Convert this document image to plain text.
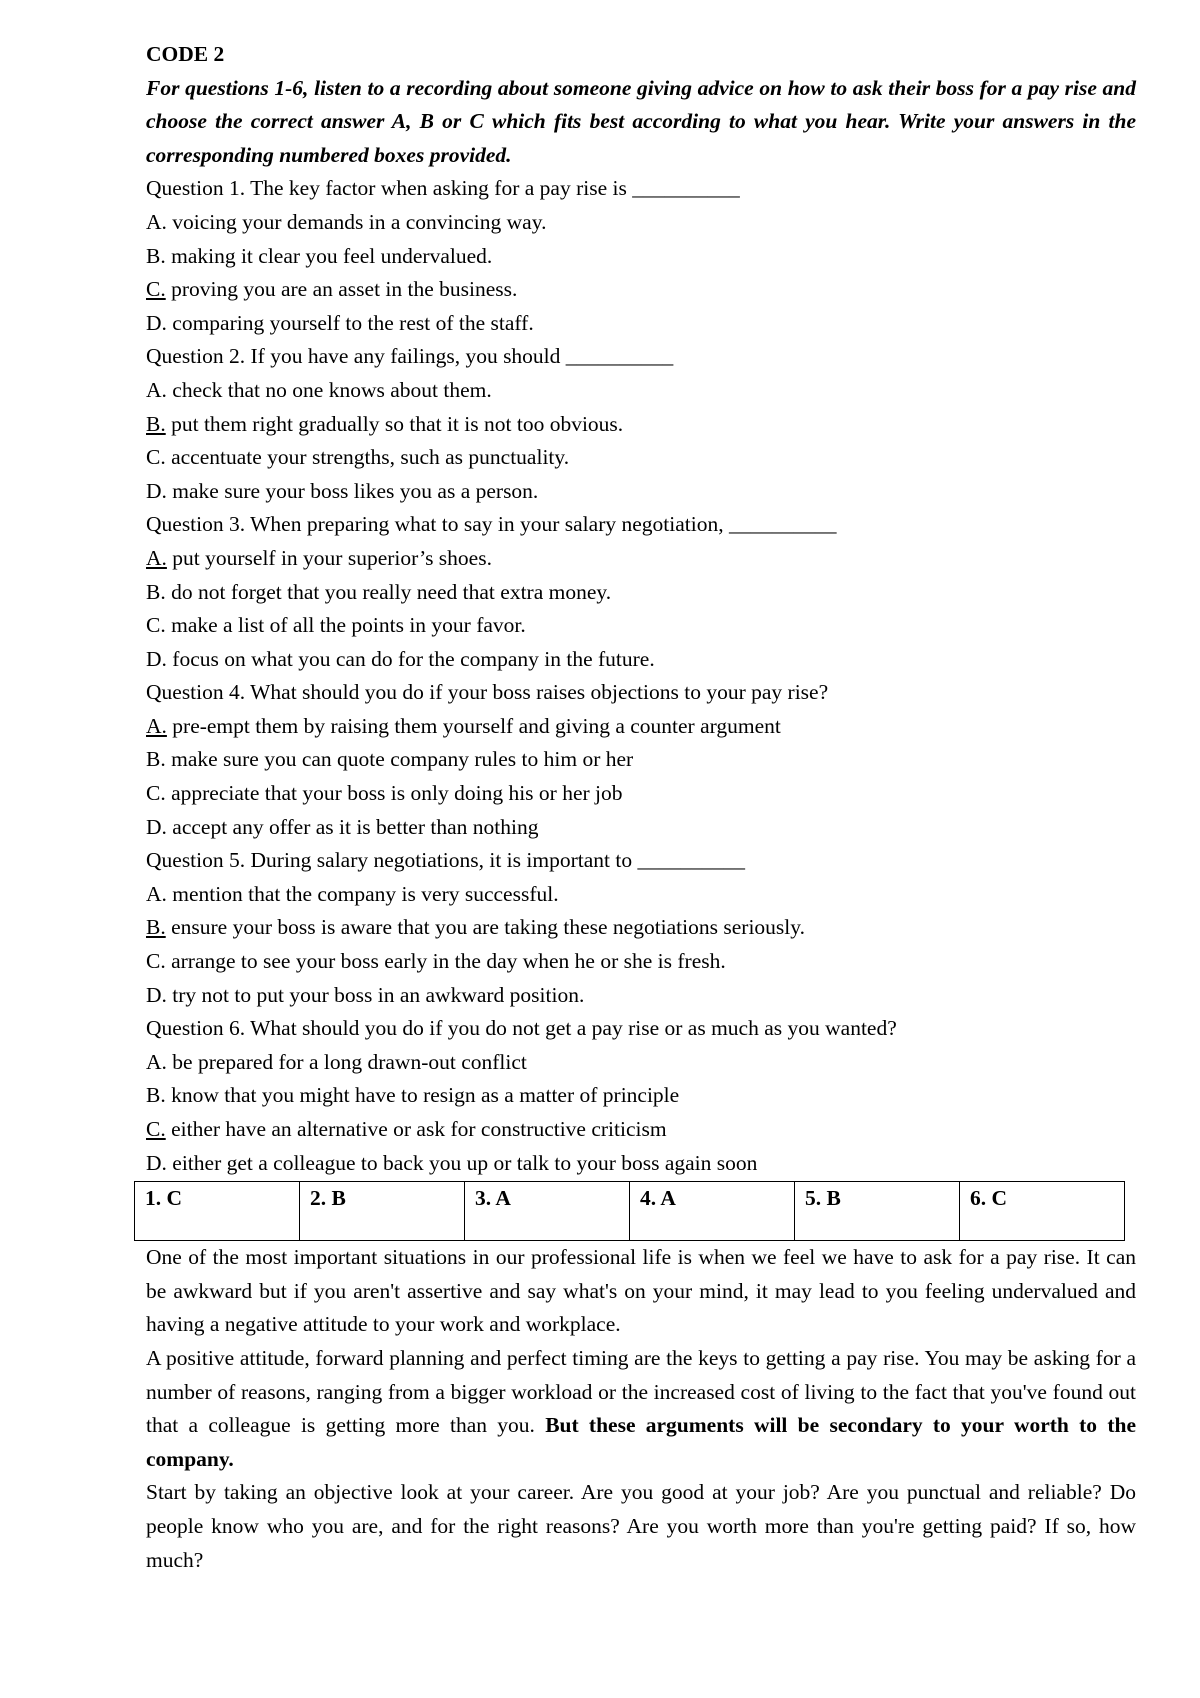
CODE 2
For questions 1-6, listen to a recording about someone giving advice on how to ask their boss for a pay rise and choose the correct answer A, B or C which fits best according to what you hear. Write your answers in the corresponding numbered boxes provided.
Question 1. The key factor when asking for a pay rise is __________
A. voicing your demands in a convincing way.
B. making it clear you feel undervalued.
C. proving you are an asset in the business.
D. comparing yourself to the rest of the staff.
Question 2. If you have any failings, you should __________
A. check that no one knows about them.
B. put them right gradually so that it is not too obvious.
C. accentuate your strengths, such as punctuality.
D. make sure your boss likes you as a person.
Question 3. When preparing what to say in your salary negotiation, __________
A. put yourself in your superior’s shoes.
B. do not forget that you really need that extra money.
C. make a list of all the points in your favor.
D. focus on what you can do for the company in the future.
Question 4. What should you do if your boss raises objections to your pay rise?
A. pre-empt them by raising them yourself and giving a counter argument
B. make sure you can quote company rules to him or her
C. appreciate that your boss is only doing his or her job
D. accept any offer as it is better than nothing
Question 5. During salary negotiations, it is important to __________
A. mention that the company is very successful.
B. ensure your boss is aware that you are taking these negotiations seriously.
C. arrange to see your boss early in the day when he or she is fresh.
D. try not to put your boss in an awkward position.
Question 6. What should you do if you do not get a pay rise or as much as you wanted?
A. be prepared for a long drawn-out conflict
B. know that you might have to resign as a matter of principle
C. either have an alternative or ask for constructive criticism
D. either get a colleague to back you up or talk to your boss again soon
1. C	2. B	3. A	4. A	5. B	6. C
One of the most important situations in our professional life is when we feel we have to ask for a pay rise. It can be awkward but if you aren't assertive and say what's on your mind, it may lead to you feeling undervalued and having a negative attitude to your work and workplace.
A positive attitude, forward planning and perfect timing are the keys to getting a pay rise. You may be asking for a number of reasons, ranging from a bigger workload or the increased cost of living to the fact that you've found out that a colleague is getting more than you. But these arguments will be secondary to your worth to the company.
Start by taking an objective look at your career. Are you good at your job? Are you punctual and reliable? Do people know who you are, and for the right reasons? Are you worth more than you're getting paid? If so, how much?
